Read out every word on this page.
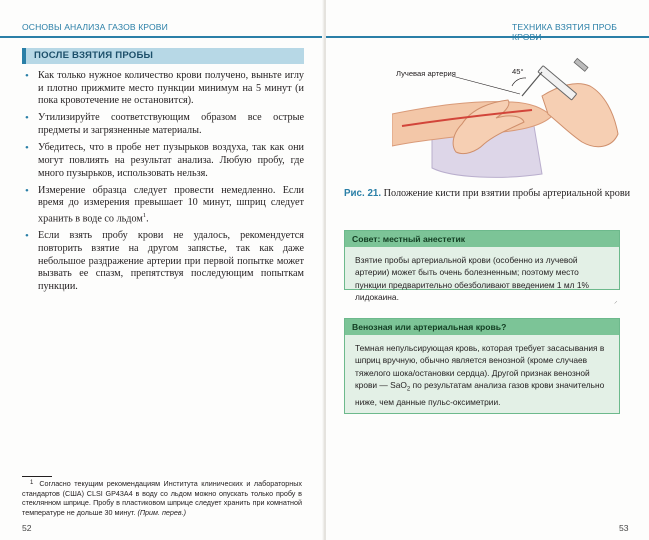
ОСНОВЫ АНАЛИЗА ГАЗОВ КРОВИ
ПОСЛЕ ВЗЯТИЯ ПРОБЫ
• Как только нужное количество крови получено, выньте иглу и плотно прижмите место пункции минимум на 5 минут (и пока кровотечение не остановится).
• Утилизируйте соответствующим образом все острые предметы и загрязненные материалы.
• Убедитесь, что в пробе нет пузырьков воздуха, так как они могут повлиять на результат анализа. Любую пробу, где много пузырьков, использовать нельзя.
• Измерение образца следует провести немедленно. Если время до измерения превышает 10 минут, шприц следует хранить в воде со льдом$^1$.
• Если взять пробу крови не удалось, рекомендуется повторить взятие на другом запястье, так как даже небольшое раздражение артерии при первой попытке может вызвать ее спазм, препятствуя последующим попыткам пункции.
$^1$ Согласно текущим рекомендациям Института клинических и лабораторных стандартов (США) CLSI GP43A4 в воду со льдом можно опускать только пробу в стеклянном шприце. Пробу в пластиковом шприце следует хранить при комнатной температуре не дольше 30 минут. (Прим. перев.)
52
ТЕХНИКА ВЗЯТИЯ ПРОБ
Лучевая артерия	45°
Рис. 21. Положение кисти при взятии пробы артериальной крови
Совет: местный анестетик
Взятие пробы артериальной крови (особенно из лучевой артерии) может быть очень болезненным; поэтому место пункции предварительно обезболивают введением 1 мл 1% лидокаина.	⸝
Венозная или артериальная кровь?
Темная непульсирующая кровь, которая требует засасывания в шприц вручную, обычно является венозной (кроме случаев тяжелого шока/остановки сердца). Другой признак венозной крови — SaO$_2$ по результатам анализа газов крови значительно ниже, чем данные пульс-оксиметрии.
53
